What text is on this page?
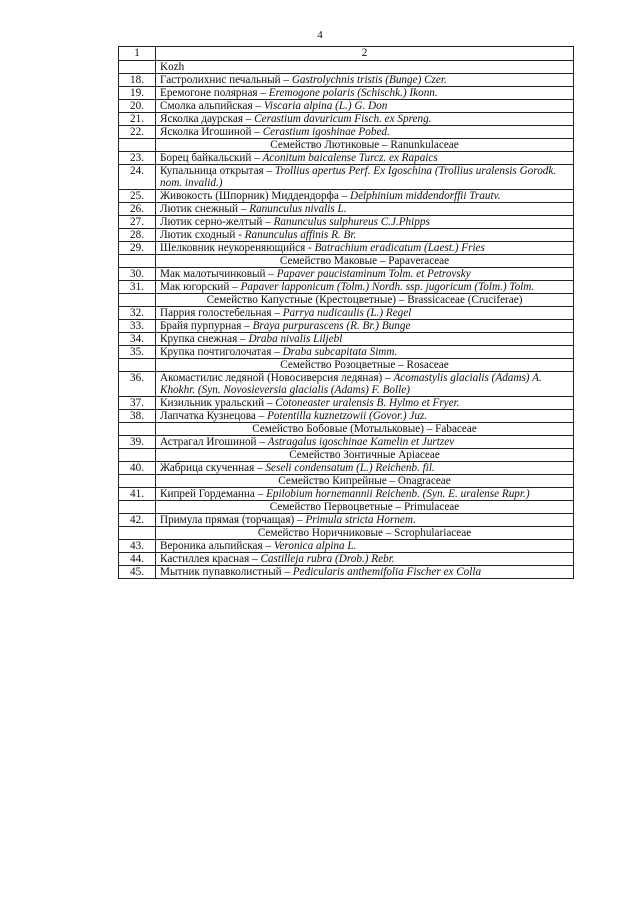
4
1	2
	Kozh
18.	Гастролихнис печальный – Gastrolychnis tristis (Bunge) Czer.
19.	Еремогоне полярная – Eremogone polaris (Schischk.) Ikonn.
20.	Смолка альпийская – Viscaria alpina (L.) G. Don
21.	Ясколка даурская – Cerastium davuricum Fisch. ex Spreng.
22.	Ясколка Игошиной – Cerastium igoshinae Pobed.
	Семейство Лютиковые – Ranunkulaceae
23.	Борец байкальский – Aconitum baicalense Turcz. ex Rapaics
24.	Купальница открытая – Trollius apertus Perf. Ex Igoschina (Trollius uralensis Gorodk. nom. invalid.)
25.	Живокость (Шпорник) Миддендорфа – Delphinium middendorffii Trautv.
26.	Лютик снежный – Ranunculus nivalis L.
27.	Лютик серно-желтый – Ranunculus sulphureus C.J.Phipps
28.	Лютик сходный - Ranunculus affinis R. Br.
29.	Шелковник неукореняющийся - Batrachium eradicatum (Laest.) Fries
	Семейство Маковые – Papaveraceae
30.	Мак малотычинковый – Papaver paucistaminum Tolm. et Petrovsky
31.	Мак югорский – Papaver lapponicum (Tolm.) Nordh. ssp. jugoricum (Tolm.) Tolm.
	Семейство Капустные (Крестоцветные) – Brassicaceae (Cruciferae)
32.	Паррия голостебельная – Parrya nudicaulis (L.) Regel
33.	Брайя пурпурная – Braya purpurascens (R. Br.) Bunge
34.	Крупка снежная – Draba nivalis Liljebl
35.	Крупка почтиголочатая – Draba subcapitata Simm.
	Семейство Розоцветные – Rosaceae
36.	Акомастилис ледяной (Новосиверсия ледяная) – Acomastylis glacialis (Adams) A. Khokhr. (Syn. Novosieversia glacialis (Adams) F. Bolle)
37.	Кизильник уральский – Cotoneaster uralensis B. Hylmo et Fryer.
38.	Лапчатка Кузнецова – Potentilla kuznetzowii (Govor.) Juz.
	Семейство Бобовые (Мотыльковые) – Fabaceae
39.	Астрагал Игошиной – Astragalus igoschinae Kamelin et Jurtzev
	Семейство Зонтичные Apiaceae
40.	Жабрица скученная – Seseli condensatum (L.) Reichenb. fil.
	Семейство Кипрейные – Onagraceae
41.	Кипрей Гордеманна – Epilobium hornemannii Reichenb. (Syn. E. uralense Rupr.)
	Семейство Первоцветные – Primulaceae
42.	Примула прямая (торчащая) – Primula stricta Hornem.
	Семейство Норичниковые – Scrophulariaceae
43.	Вероника альпийская – Veronica alpina L.
44.	Кастиллея красная – Castilleja rubra (Drob.) Rebr.
45.	Мытник пупавколистный – Pedicularis anthemifolia Fischer ex Colla
